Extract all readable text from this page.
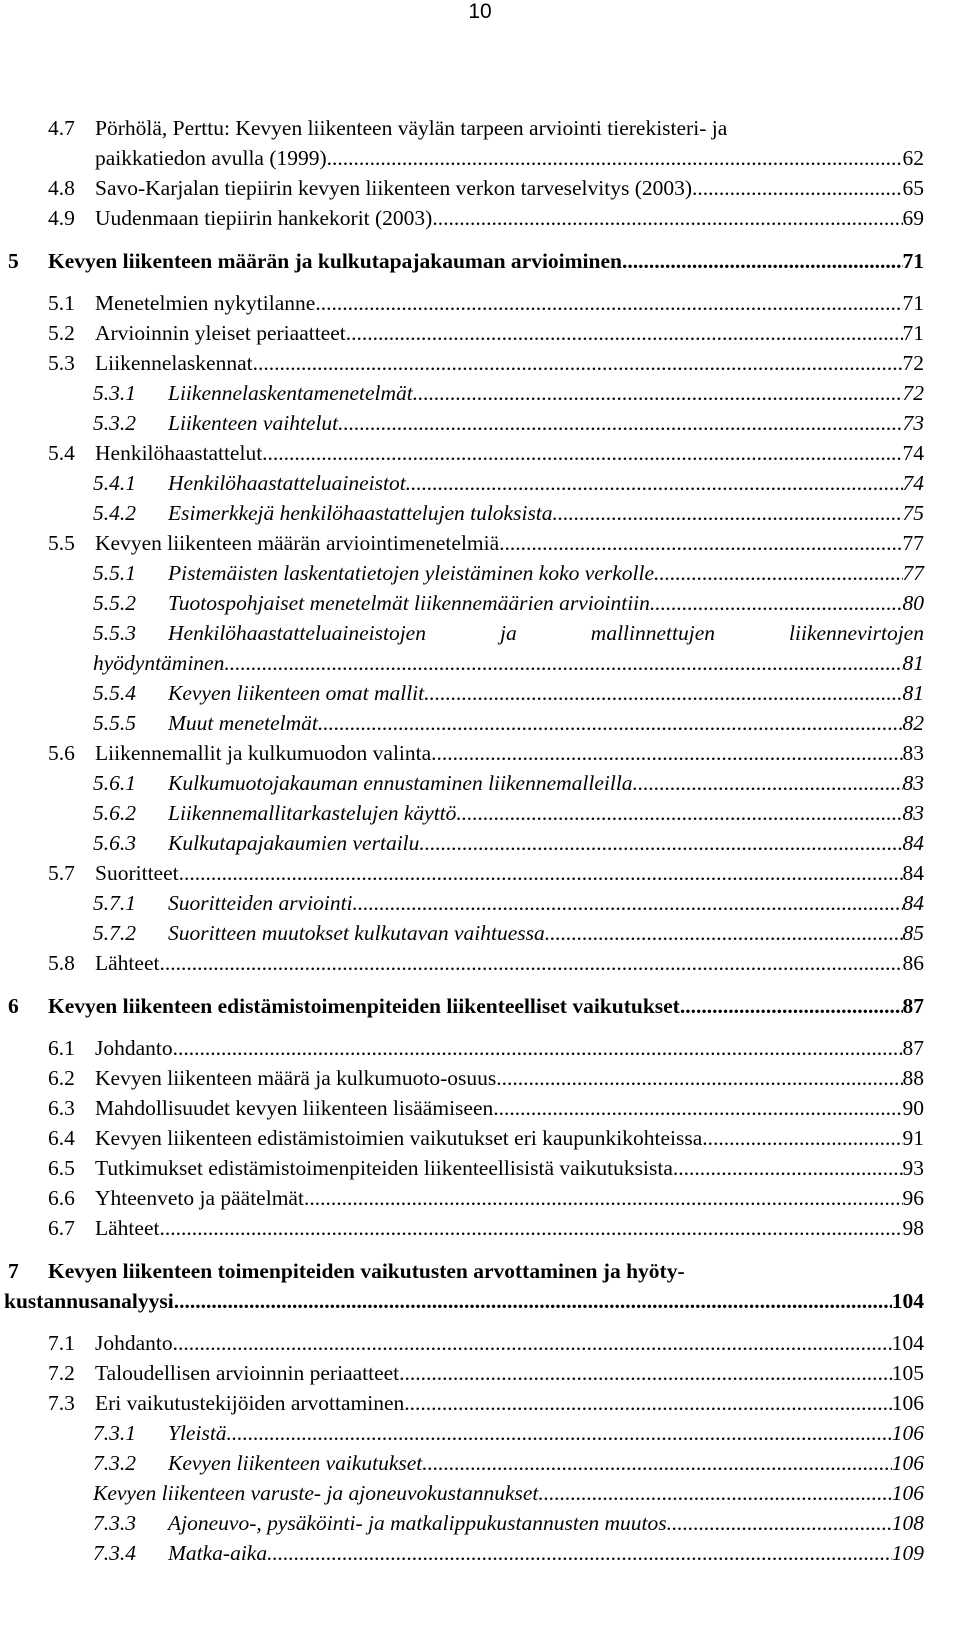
10
4.7 Pörhölä, Perttu: Kevyen liikenteen väylän tarpeen arviointi tierekisteri- ja
paikkatiedon avulla (1999) .....	62
4.8 Savo-Karjalan tiepiirin kevyen liikenteen verkon tarveselvitys (2003) .....	65
4.9 Uudenmaan tiepiirin hankekorit (2003) .....	69
5 Kevyen liikenteen määrän ja kulkutapajakauman arvioiminen .....	71
5.1 Menetelmien nykytilanne .....	71
5.2 Arvioinnin yleiset periaatteet .....	71
5.3 Liikennelaskennat .....	72
5.3.1 Liikennelaskentamenetelmät .....	72
5.3.2 Liikenteen vaihtelut .....	73
5.4 Henkilöhaastattelut .....	74
5.4.1 Henkilöhaastatteluaineistot .....	74
5.4.2 Esimerkkejä henkilöhaastattelujen tuloksista .....	75
5.5 Kevyen liikenteen määrän arviointimenetelmiä .....	77
5.5.1 Pistemäisten laskentatietojen yleistäminen koko verkolle .....	77
5.5.2 Tuotospohjaiset menetelmät liikennemäärien arviointiin .....	80
5.5.3 Henkilöhaastatteluaineistojen	ja	mallinnettujen	liikennevirtojen
hyödyntäminen .....	81
5.5.4 Kevyen liikenteen omat mallit .....	81
5.5.5 Muut menetelmät .....	82
5.6 Liikennemallit ja kulkumuodon valinta .....	83
5.6.1 Kulkumuotojakauman ennustaminen liikennemalleilla .....	83
5.6.2 Liikennemallitarkastelujen käyttö .....	83
5.6.3 Kulkutapajakaumien vertailu .....	84
5.7 Suoritteet .....	84
5.7.1 Suoritteiden arviointi .....	84
5.7.2 Suoritteen muutokset kulkutavan vaihtuessa .....	85
5.8 Lähteet .....	86
6 Kevyen liikenteen edistämistoimenpiteiden liikenteelliset vaikutukset .....	87
6.1 Johdanto .....	87
6.2 Kevyen liikenteen määrä ja kulkumuoto-osuus .....	88
6.3 Mahdollisuudet kevyen liikenteen lisäämiseen .....	90
6.4 Kevyen liikenteen edistämistoimien vaikutukset eri kaupunkikohteissa .....	91
6.5 Tutkimukset edistämistoimenpiteiden liikenteellisistä vaikutuksista .....	93
6.6 Yhteenveto ja päätelmät .....	96
6.7 Lähteet .....	98
7 Kevyen liikenteen toimenpiteiden vaikutusten arvottaminen ja hyöty-
kustannusanalyysi .....	104
7.1 Johdanto .....	104
7.2 Taloudellisen arvioinnin periaatteet .....	105
7.3 Eri vaikutustekijöiden arvottaminen .....	106
7.3.1 Yleistä .....	106
7.3.2 Kevyen liikenteen vaikutukset .....	106
Kevyen liikenteen varuste- ja ajoneuvokustannukset .....	106
7.3.3 Ajoneuvo-, pysäköinti- ja matkalippukustannusten muutos .....	108
7.3.4 Matka-aika .....	109
